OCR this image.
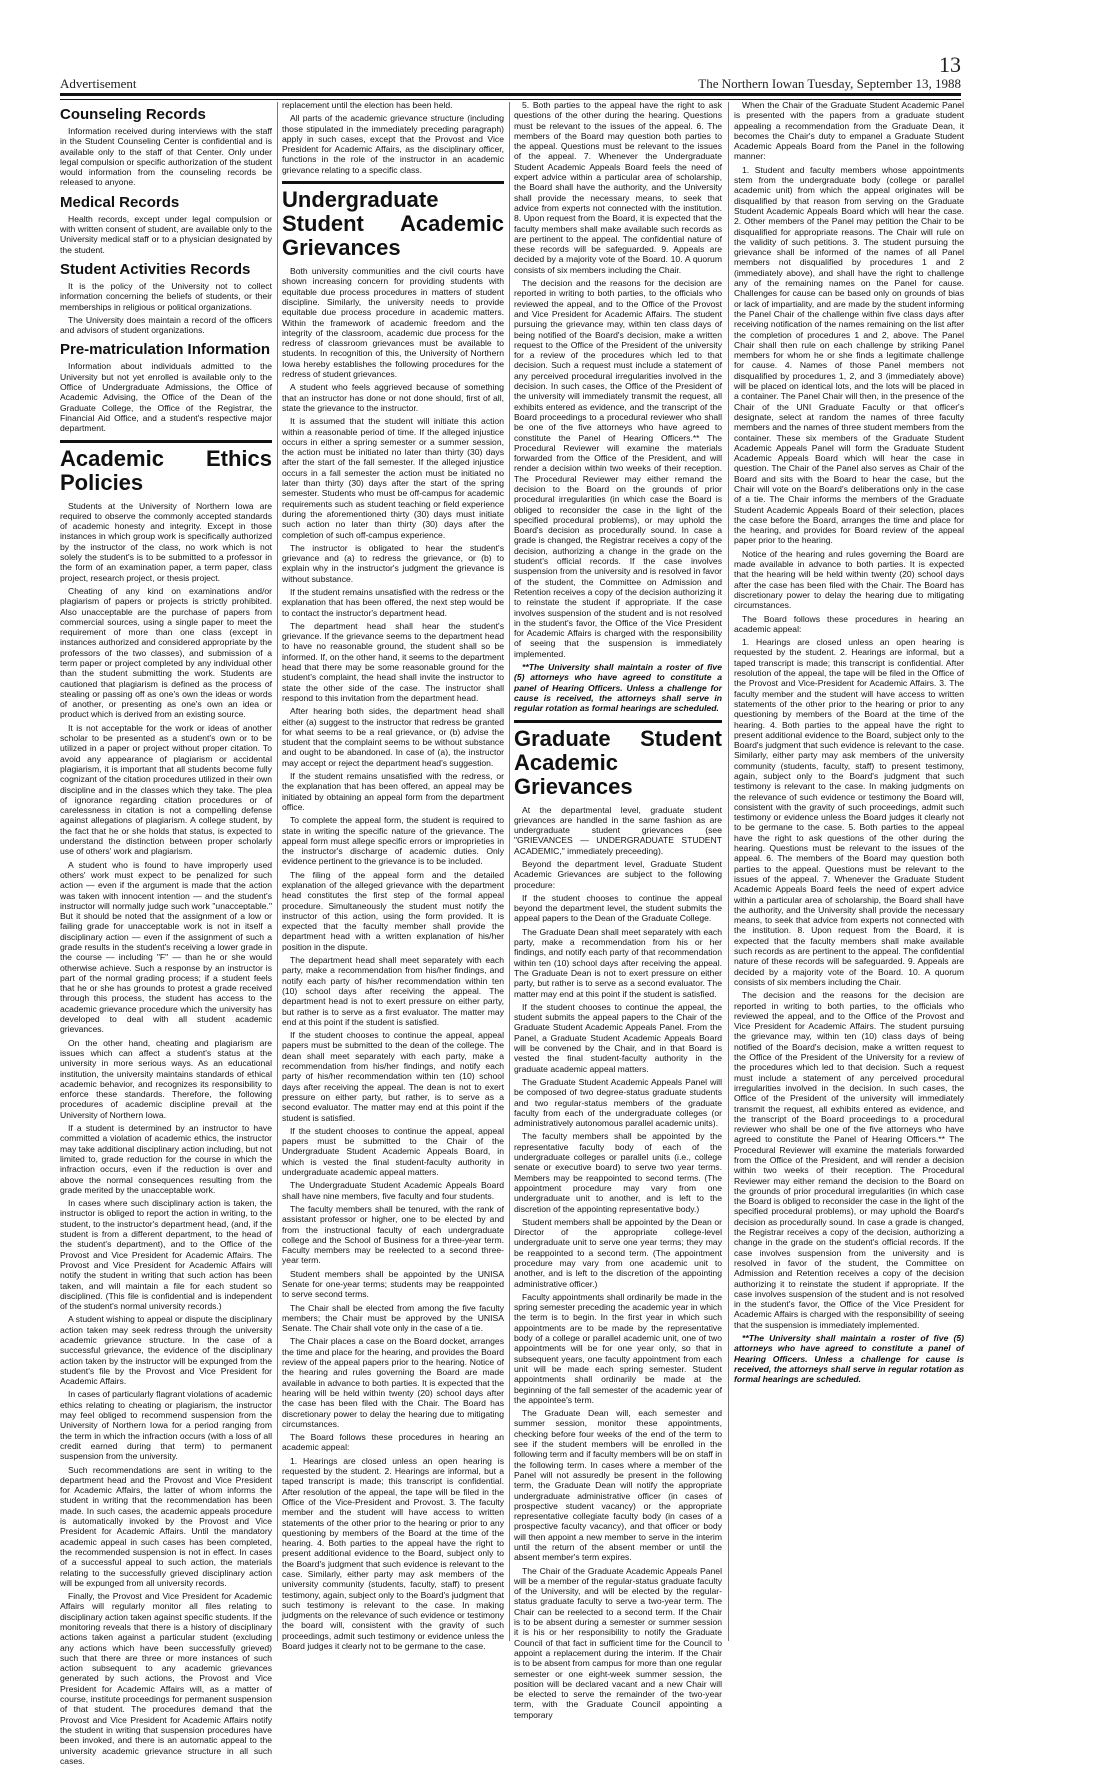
13
Advertisement	The Northern Iowan Tuesday, September 13, 1988
Counseling Records

Information received during interviews with the staff in the Student Counseling Center is confidential and is available only to the staff of that Center. Only under legal compulsion or specific authorization of the student would information from the counseling records be released to anyone.

Medical Records

Health records, except under legal compulsion or with written consent of student, are available only to the University medical staff or to a physician designated by the student.

Student Activities Records

It is the policy of the University not to collect information concerning the beliefs of students, or their memberships in religious or political organizations.

The University does maintain a record of the officers and advisors of student organizations.

Pre-matriculation Information

Information about individuals admitted to the University but not yet enrolled is available only to the Office of Undergraduate Admissions, the Office of Academic Advising, the Office of the Dean of the Graduate College, the Office of the Registrar, the Financial Aid Office, and a student's respective major department.

Academic Ethics Policies

Students at the University of Northern Iowa are required to observe the commonly accepted standards of academic honesty and integrity. Except in those instances in which group work is specifically authorized by the instructor of the class, no work which is not solely the student's is to be submitted to a professor in the form of an examination paper, a term paper, class project, research project, or thesis project.

Cheating of any kind on examinations and/or plagiarism of papers or projects is strictly prohibited. Also unacceptable are the purchase of papers from commercial sources, using a single paper to meet the requirement of more than one class (except in instances authorized and considered appropriate by the professors of the two classes), and submission of a term paper or project completed by any individual other than the student submitting the work. Students are cautioned that plagiarism is defined as the process of stealing or passing off as one's own the ideas or words of another, or presenting as one's own an idea or product which is derived from an existing source.

It is not acceptable for the work or ideas of another scholar to be presented as a student's own or to be utilized in a paper or project without proper citation. To avoid any appearance of plagiarism or accidental plagiarism, it is important that all students become fully cognizant of the citation procedures utilized in their own discipline and in the classes which they take. The plea of ignorance regarding citation procedures or of carelessness in citation is not a compelling defense against allegations of plagiarism. A college student, by the fact that he or she holds that status, is expected to understand the distinction between proper scholarly use of others' work and plagiarism.

A student who is found to have improperly used others' work must expect to be penalized for such action — even if the argument is made that the action was taken with innocent intention — and the student's instructor will normally judge such work "unacceptable." But it should be noted that the assignment of a low or failing grade for unacceptable work is not in itself a disciplinary action — even if the assignment of such a grade results in the student's receiving a lower grade in the course — including "F" — than he or she would otherwise achieve. Such a response by an instructor is part of the normal grading process; if a student feels that he or she has grounds to protest a grade received through this process, the student has access to the academic grievance procedure which the university has developed to deal with all student academic grievances.

On the other hand, cheating and plagiarism are issues which can affect a student's status at the university in more serious ways. As an educational institution, the university maintains standards of ethical academic behavior, and recognizes its responsibility to enforce these standards. Therefore, the following procedures of academic discipline prevail at the University of Northern Iowa.

If a student is determined by an instructor to have committed a violation of academic ethics, the instructor may take additional disciplinary action including, but not limited to, grade reduction for the course in which the infraction occurs, even if the reduction is over and above the normal consequences resulting from the grade merited by the unacceptable work.

In cases where such disciplinary action is taken, the instructor is obliged to report the action in writing, to the student, to the instructor's department head, (and, if the student is from a different department, to the head of the student's department), and to the Office of the Provost and Vice President for Academic Affairs. The Provost and Vice President for Academic Affairs will notify the student in writing that such action has been taken, and will maintain a file for each student so disciplined. (This file is confidential and is independent of the student's normal university records.)

A student wishing to appeal or dispute the disciplinary action taken may seek redress through the university academic grievance structure. In the case of a successful grievance, the evidence of the disciplinary action taken by the instructor will be expunged from the student's file by the Provost and Vice President for Academic Affairs.

In cases of particularly flagrant violations of academic ethics relating to cheating or plagiarism, the instructor may feel obliged to recommend suspension from the University of Northern Iowa for a period ranging from the term in which the infraction occurs (with a loss of all credit earned during that term) to permanent suspension from the university.

Such recommendations are sent in writing to the department head and the Provost and Vice President for Academic Affairs, the latter of whom informs the student in writing that the recommendation has been made. In such cases, the academic appeals procedure is automatically invoked by the Provost and Vice President for Academic Affairs. Until the mandatory academic appeal in such cases has been completed, the recommended suspension is not in effect. In cases of a successful appeal to such action, the materials relating to the successfully grieved disciplinary action will be expunged from all university records.

Finally, the Provost and Vice President for Academic Affairs will regularly monitor all files relating to disciplinary action taken against specific students. If the monitoring reveals that there is a history of disciplinary actions taken against a particular student (excluding any actions which have been successfully grieved) such that there are three or more instances of such action subsequent to any academic grievances generated by such actions, the Provost and Vice President for Academic Affairs will, as a matter of course, institute proceedings for permanent suspension of that student. The procedures demand that the Provost and Vice President for Academic Affairs notify the student in writing that suspension procedures have been invoked, and there is an automatic appeal to the university academic grievance structure in all such cases.

replacement until the election has been held.

All parts of the academic grievance structure (including those stipulated in the immediately preceding paragraph) apply in such cases, except that the Provost and Vice President for Academic Affairs, as the disciplinary officer, functions in the role of the instructor in an academic grievance relating to a specific class.

Undergraduate Student Academic Grievances

Both university communities and the civil courts have shown increasing concern for providing students with equitable due process procedures in matters of student discipline. Similarly, the university needs to provide equitable due process procedure in academic matters. Within the framework of academic freedom and the integrity of the classroom, academic due process for the redress of classroom grievances must be available to students. In recognition of this, the University of Northern Iowa hereby establishes the following procedures for the redress of student grievances.

A student who feels aggrieved because of something that an instructor has done or not done should, first of all, state the grievance to the instructor.

It is assumed that the student will initiate this action within a reasonable period of time. If the alleged injustice occurs in either a spring semester or a summer session, the action must be initiated no later than thirty (30) days after the start of the fall semester. If the alleged injustice occurs in a fall semester the action must be initiated no later than thirty (30) days after the start of the spring semester. Students who must be off-campus for academic requirements such as student teaching or field experience during the aforementioned thirty (30) days must initiate such action no later than thirty (30) days after the completion of such off-campus experience.

The instructor is obligated to hear the student's grievance and (a) to redress the grievance, or (b) to explain why in the instructor's judgment the grievance is without substance.

If the student remains unsatisfied with the redress or the explanation that has been offered, the next step would be to contact the instructor's department head.

The department head shall hear the student's grievance. If the grievance seems to the department head to have no reasonable ground, the student shall so be informed. If, on the other hand, it seems to the department head that there may be some reasonable ground for the student's complaint, the head shall invite the instructor to state the other side of the case. The instructor shall respond to this invitation from the department head.

After hearing both sides, the department head shall either (a) suggest to the instructor that redress be granted for what seems to be a real grievance, or (b) advise the student that the complaint seems to be without substance and ought to be abandoned. In case of (a), the instructor may accept or reject the department head's suggestion.

If the student remains unsatisfied with the redress, or the explanation that has been offered, an appeal may be initiated by obtaining an appeal form from the department office.

To complete the appeal form, the student is required to state in writing the specific nature of the grievance. The appeal form must allege specific errors or improprieties in the instructor's discharge of academic duties. Only evidence pertinent to the grievance is to be included.

The filing of the appeal form and the detailed explanation of the alleged grievance with the department head constitutes the first step of the formal appeal procedure. Simultaneously the student must notify the instructor of this action, using the form provided. It is expected that the faculty member shall provide the department head with a written explanation of his/her position in the dispute.

The department head shall meet separately with each party, make a recommendation from his/her findings, and notify each party of his/her recommendation within ten (10) school days after receiving the appeal. The department head is not to exert pressure on either party, but rather is to serve as a first evaluator. The matter may end at this point if the student is satisfied.

If the student chooses to continue the appeal, appeal papers must be submitted to the dean of the college. The dean shall meet separately with each party, make a recommendation from his/her findings, and notify each party of his/her recommendation within ten (10) school days after receiving the appeal. The dean is not to exert pressure on either party, but rather, is to serve as a second evaluator. The matter may end at this point if the student is satisfied.

If the student chooses to continue the appeal, appeal papers must be submitted to the Chair of the Undergraduate Student Academic Appeals Board, in which is vested the final student-faculty authority in undergraduate academic appeal matters.

The Undergraduate Student Academic Appeals Board shall have nine members, five faculty and four students.

The faculty members shall be tenured, with the rank of assistant professor or higher, one to be elected by and from the instructional faculty of each undergraduate college and the School of Business for a three-year term. Faculty members may be reelected to a second three-year term.

Student members shall be appointed by the UNISA Senate for one-year terms; students may be reappointed to serve second terms.

The Chair shall be elected from among the five faculty members; the Chair must be approved by the UNISA Senate. The Chair shall vote only in the case of a tie.

The Chair places a case on the Board docket, arranges the time and place for the hearing, and provides the Board review of the appeal papers prior to the hearing. Notice of the hearing and rules governing the Board are made available in advance to both parties. It is expected that the hearing will be held within twenty (20) school days after the case has been filed with the Chair. The Board has discretionary power to delay the hearing due to mitigating circumstances.

The Board follows these procedures in hearing an academic appeal:

1. Hearings are closed unless an open hearing is requested by the student. 2. Hearings are informal, but a taped transcript is made; this transcript is confidential. After resolution of the appeal, the tape will be filed in the Office of the Vice-President and Provost. 3. The faculty member and the student will have access to written statements of the other prior to the hearing or prior to any questioning by members of the Board at the time of the hearing. 4. Both parties to the appeal have the right to present additional evidence to the Board, subject only to the Board's judgment that such evidence is relevant to the case. Similarly, either party may ask members of the university community (students, faculty, staff) to present testimony, again, subject only to the Board's judgment that such testimony is relevant to the case. In making judgments on the relevance of such evidence or testimony the board will, consistent with the gravity of such proceedings, admit such testimony or evidence unless the Board judges it clearly not to be germane to the case.

5. Both parties to the appeal have the right to ask questions of the other during the hearing. Questions must be relevant to the issues of the appeal. 6. The members of the Board may question both parties to the appeal. Questions must be relevant to the issues of the appeal. 7. Whenever the Undergraduate Student Academic Appeals Board feels the need of expert advice within a particular area of scholarship, the Board shall have the authority, and the University shall provide the necessary means, to seek that advice from experts not connected with the institution. 8. Upon request from the Board, it is expected that the faculty members shall make available such records as are pertinent to the appeal. The confidential nature of these records will be safeguarded. 9. Appeals are decided by a majority vote of the Board. 10. A quorum consists of six members including the Chair.

The decision and the reasons for the decision are reported in writing to both parties, to the officials who reviewed the appeal, and to the Office of the Provost and Vice President for Academic Affairs. The student pursuing the grievance may, within ten class days of being notified of the Board's decision, make a written request to the Office of the President of the university for a review of the procedures which led to that decision. Such a request must include a statement of any perceived procedural irregularities involved in the decision. In such cases, the Office of the President of the university will immediately transmit the request, all exhibits entered as evidence, and the transcript of the Board proceedings to a procedural reviewer who shall be one of the five attorneys who have agreed to constitute the Panel of Hearing Officers.** The Procedural Reviewer will examine the materials forwarded from the Office of the President, and will render a decision within two weeks of their reception. The Procedural Reviewer may either remand the decision to the Board on the grounds of prior procedural irregularities (in which case the Board is obliged to reconsider the case in the light of the specified procedural problems), or may uphold the Board's decision as procedurally sound. In case a grade is changed, the Registrar receives a copy of the decision, authorizing a change in the grade on the student's official records. If the case involves suspension from the university and is resolved in favor of the student, the Committee on Admission and Retention receives a copy of the decision authorizing it to reinstate the student if appropriate. If the case involves suspension of the student and is not resolved in the student's favor, the Office of the Vice President for Academic Affairs is charged with the responsibility of seeing that the suspension is immediately implemented.

**The University shall maintain a roster of five (5) attorneys who have agreed to constitute a panel of Hearing Officers. Unless a challenge for cause is received, the attorneys shall serve in regular rotation as formal hearings are scheduled.

Graduate Student Academic Grievances

At the departmental level, graduate student grievances are handled in the same fashion as are undergraduate student grievances (see "GRIEVANCES — UNDERGRADUATE STUDENT ACADEMIC," immediately preceeding).

Beyond the department level, Graduate Student Academic Grievances are subject to the following procedure:

If the student chooses to continue the appeal beyond the department level, the student submits the appeal papers to the Dean of the Graduate College.

The Graduate Dean shall meet separately with each party, make a recommendation from his or her findings, and notify each party of that recommendation within ten (10) school days after receiving the appeal. The Graduate Dean is not to exert pressure on either party, but rather is to serve as a second evaluator. The matter may end at this point if the student is satisfied.

If the student chooses to continue the appeal, the student submits the appeal papers to the Chair of the Graduate Student Academic Appeals Panel. From the Panel, a Graduate Student Academic Appeals Board will be convened by the Chair, and in that Board is vested the final student-faculty authority in the graduate academic appeal matters.

The Graduate Student Academic Appeals Panel will be composed of two degree-status graduate students and two regular-status members of the graduate faculty from each of the undergraduate colleges (or administratively autonomous parallel academic units).

The faculty members shall be appointed by the representative faculty body of each of the undergraduate colleges or parallel units (i.e., college senate or executive board) to serve two year terms. Members may be reappointed to second terms. (The appointment procedure may vary from one undergraduate unit to another, and is left to the discretion of the appointing representative body.)

Student members shall be appointed by the Dean or Director of the appropriate college-level undergraduate unit to serve one year terms; they may be reappointed to a second term. (The appointment procedure may vary from one academic unit to another, and is left to the discretion of the appointing administrative officer.)

Faculty appointments shall ordinarily be made in the spring semester preceding the academic year in which the term is to begin. In the first year in which such appointments are to be made by the representative body of a college or parallel academic unit, one of two appointments will be for one year only, so that in subsequent years, one faculty appointment from each unit will be made each spring semester. Student appointments shall ordinarily be made at the beginning of the fall semester of the academic year of the appointee's term.

The Graduate Dean will, each semester and summer session, monitor these appointments, checking before four weeks of the end of the term to see if the student members will be enrolled in the following term and if faculty members will be on staff in the following term. In cases where a member of the Panel will not assuredly be present in the following term, the Graduate Dean will notify the appropriate undergraduate administrative officer (in cases of prospective student vacancy) or the appropriate representative collegiate faculty body (in cases of a prospective faculty vacancy), and that officer or body will then appoint a new member to serve in the interim until the return of the absent member or until the absent member's term expires.

The Chair of the Graduate Academic Appeals Panel will be a member of the regular-status graduate faculty of the University, and will be elected by the regular-status graduate faculty to serve a two-year term. The Chair can be reelected to a second term. If the Chair is to be absent during a semester or summer session it is his or her responsibility to notify the Graduate Council of that fact in sufficient time for the Council to appoint a replacement during the interim. If the Chair is to be absent from campus for more than one regular semester or one eight-week summer session, the position will be declared vacant and a new Chair will be elected to serve the remainder of the two-year term, with the Graduate Council appointing a temporary

When the Chair of the Graduate Student Academic Panel is presented with the papers from a graduate student appealing a recommendation from the Graduate Dean, it becomes the Chair's duty to empanel a Graduate Student Academic Appeals Board from the Panel in the following manner:

1. Student and faculty members whose appointments stem from the undergraduate body (college or parallel academic unit) from which the appeal originates will be disqualified by that reason from serving on the Graduate Student Academic Appeals Board which will hear the case. 2. Other members of the Panel may petition the Chair to be disqualified for appropriate reasons. The Chair will rule on the validity of such petitions. 3. The student pursuing the grievance shall be informed of the names of all Panel members not disqualified by procedures 1 and 2 (immediately above), and shall have the right to challenge any of the remaining names on the Panel for cause. Challenges for cause can be based only on grounds of bias or lack of impartiality, and are made by the student informing the Panel Chair of the challenge within five class days after receiving notification of the names remaining on the list after the completion of procedures 1 and 2, above. The Panel Chair shall then rule on each challenge by striking Panel members for whom he or she finds a legitimate challenge for cause. 4. Names of those Panel members not disqualified by procedures 1, 2, and 3 (immediately above) will be placed on identical lots, and the lots will be placed in a container. The Panel Chair will then, in the presence of the Chair of the UNI Graduate Faculty or that officer's designate, select at random the names of three faculty members and the names of three student members from the container. These six members of the Graduate Student Academic Appeals Panel will form the Graduate Student Academic Appeals Board which will hear the case in question. The Chair of the Panel also serves as Chair of the Board and sits with the Board to hear the case, but the Chair will vote on the Board's deliberations only in the case of a tie. The Chair informs the members of the Graduate Student Academic Appeals Board of their selection, places the case before the Board, arranges the time and place for the hearing, and provides for Board review of the appeal paper prior to the hearing.

Notice of the hearing and rules governing the Board are made available in advance to both parties. It is expected that the hearing will be held within twenty (20) school days after the case has been filed with the Chair. The Board has discretionary power to delay the hearing due to mitigating circumstances.

The Board follows these procedures in hearing an academic appeal:

1. Hearings are closed unless an open hearing is requested by the student. 2. Hearings are informal, but a taped transcript is made; this transcript is confidential. After resolution of the appeal, the tape will be filed in the Office of the Provost and Vice-President for Academic Affairs. 3. The faculty member and the student will have access to written statements of the other prior to the hearing or prior to any questioning by members of the Board at the time of the hearing. 4. Both parties to the appeal have the right to present additional evidence to the Board, subject only to the Board's judgment that such evidence is relevant to the case. Similarly, either party may ask members of the university community (students, faculty, staff) to present testimony, again, subject only to the Board's judgment that such testimony is relevant to the case. In making judgments on the relevance of such evidence or testimony the Board will, consistent with the gravity of such proceedings, admit such testimony or evidence unless the Board judges it clearly not to be germane to the case. 5. Both parties to the appeal have the right to ask questions of the other during the hearing. Questions must be relevant to the issues of the appeal. 6. The members of the Board may question both parties to the appeal. Questions must be relevant to the issues of the appeal. 7. Whenever the Graduate Student Academic Appeals Board feels the need of expert advice within a particular area of scholarship, the Board shall have the authority, and the University shall provide the necessary means, to seek that advice from experts not connected with the institution. 8. Upon request from the Board, it is expected that the faculty members shall make available such records as are pertinent to the appeal. The confidential nature of these records will be safeguarded. 9. Appeals are decided by a majority vote of the Board. 10. A quorum consists of six members including the Chair.

The decision and the reasons for the decision are reported in writing to both parties, to the officials who reviewed the appeal, and to the Office of the Provost and Vice President for Academic Affairs. The student pursuing the grievance may, within ten (10) class days of being notified of the Board's decision, make a written request to the Office of the President of the University for a review of the procedures which led to that decision. Such a request must include a statement of any perceived procedural irregularities involved in the decision. In such cases, the Office of the President of the university will immediately transmit the request, all exhibits entered as evidence, and the transcript of the Board proceedings to a procedural reviewer who shall be one of the five attorneys who have agreed to constitute the Panel of Hearing Officers.** The Procedural Reviewer will examine the materials forwarded from the Office of the President, and will render a decision within two weeks of their reception. The Procedural Reviewer may either remand the decision to the Board on the grounds of prior procedural irregularities (in which case the Board is obliged to reconsider the case in the light of the specified procedural problems), or may uphold the Board's decision as procedurally sound. In case a grade is changed, the Registrar receives a copy of the decision, authorizing a change in the grade on the student's official records. If the case involves suspension from the university and is resolved in favor of the student, the Committee on Admission and Retention receives a copy of the decision authorizing it to reinstate the student if appropriate. If the case involves suspension of the student and is not resolved in the student's favor, the Office of the Vice President for Academic Affairs is charged with the responsibility of seeing that the suspension is immediately implemented.

**The University shall maintain a roster of five (5) attorneys who have agreed to constitute a panel of Hearing Officers. Unless a challenge for cause is received, the attorneys shall serve in regular rotation as formal hearings are scheduled.
